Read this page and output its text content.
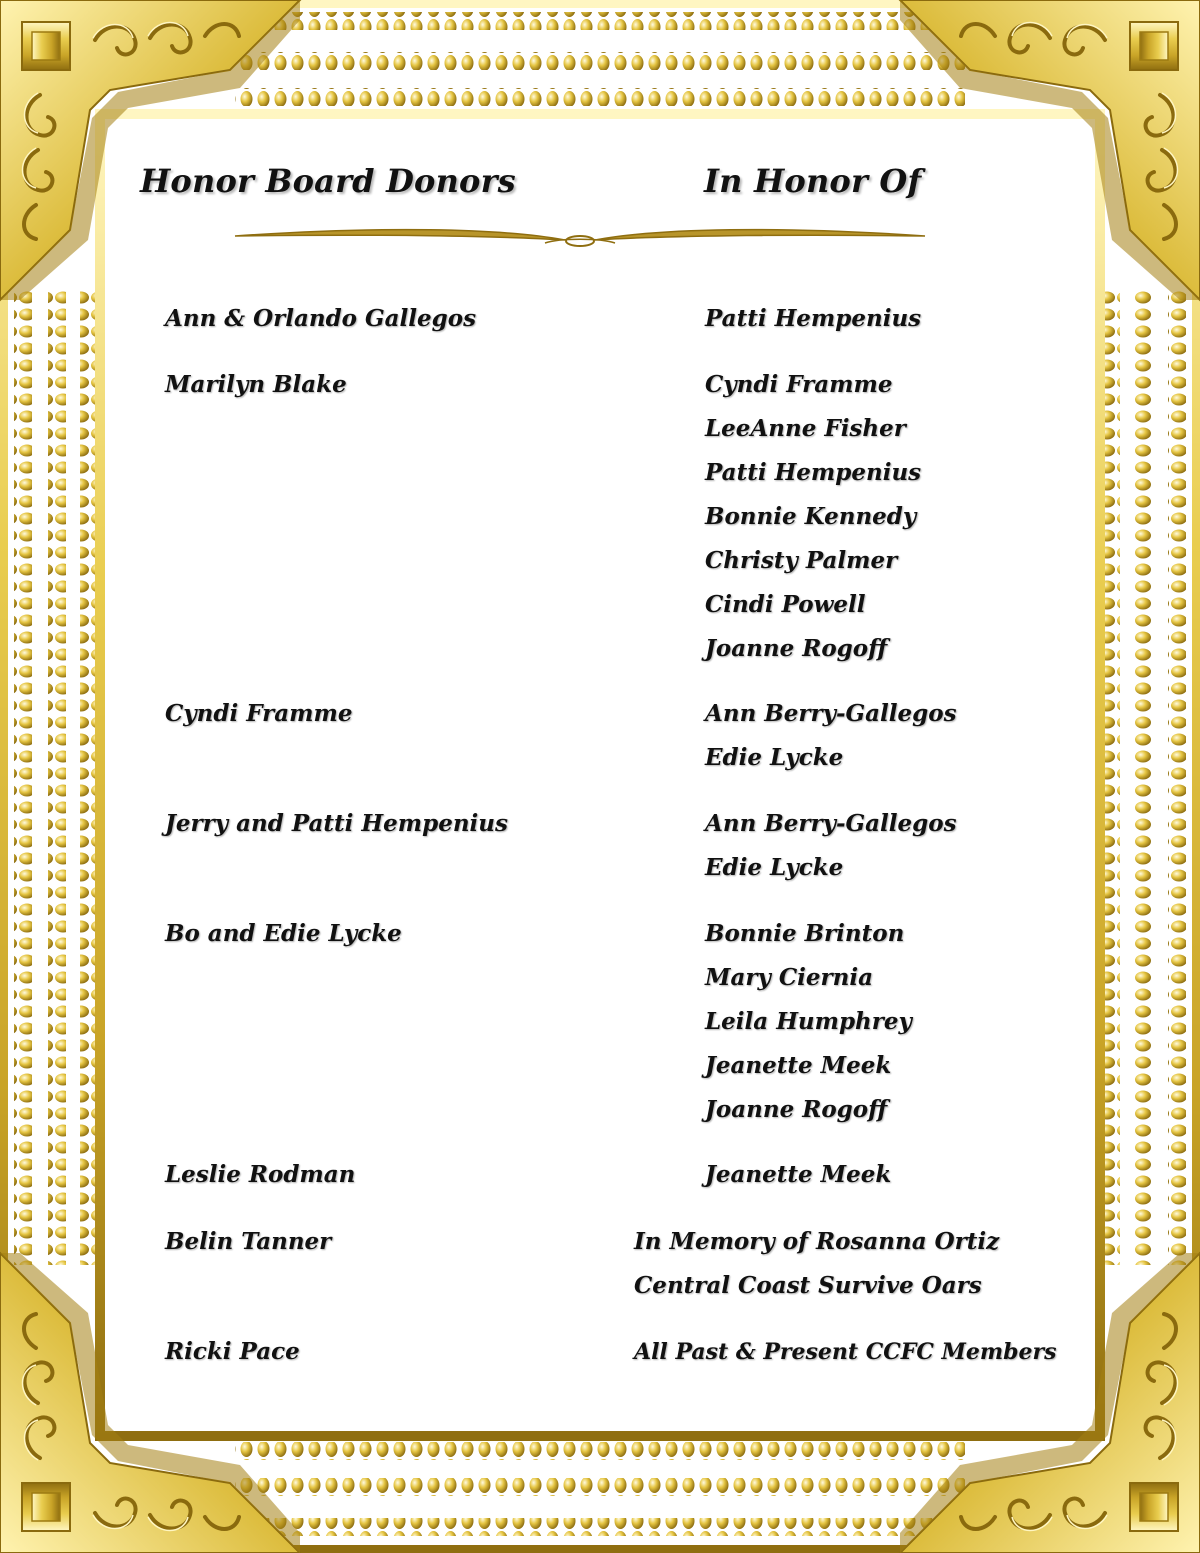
Honor Board Donors	In Honor Of
Ann & Orlando Gallegos	Patti Hempenius
Marilyn Blake	Cyndi Framme
LeeAnne Fisher
Patti Hempenius
Bonnie Kennedy
Christy Palmer
Cindi Powell
Joanne Rogoff
Cyndi Framme	Ann Berry-Gallegos
Edie Lycke
Jerry and Patti Hempenius	Ann Berry-Gallegos
Edie Lycke
Bo and Edie Lycke	Bonnie Brinton
Mary Ciernia
Leila Humphrey
Jeanette Meek
Joanne Rogoff
Leslie Rodman	Jeanette Meek
Belin Tanner	In Memory of Rosanna Ortiz
Central Coast Survive Oars
Ricki Pace	All Past & Present CCFC Members
